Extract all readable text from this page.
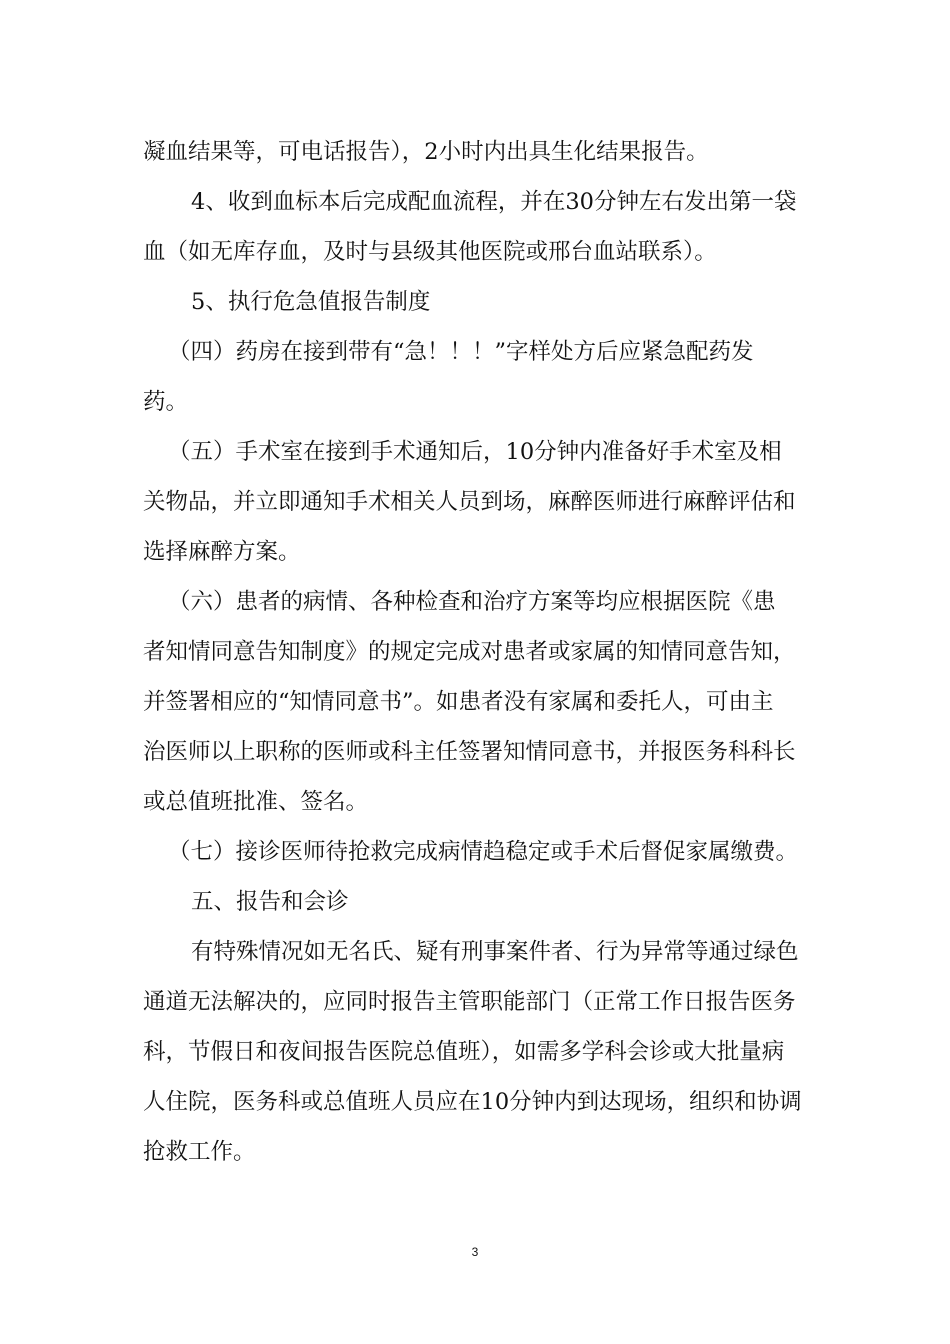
凝血结果等，可电话报告），2小时内出具生化结果报告。
4、收到血标本后完成配血流程，并在30分钟左右发出第一袋
血（如无库存血，及时与县级其他医院或邢台血站联系）。
5、执行危急值报告制度
（四）药房在接到带有“急！！！”字样处方后应紧急配药发
药。
（五）手术室在接到手术通知后，10分钟内准备好手术室及相
关物品，并立即通知手术相关人员到场，麻醉医师进行麻醉评估和
选择麻醉方案。
（六）患者的病情、各种检查和治疗方案等均应根据医院《患
者知情同意告知制度》的规定完成对患者或家属的知情同意告知，
并签署相应的“知情同意书”。如患者没有家属和委托人，可由主
治医师以上职称的医师或科主任签署知情同意书，并报医务科科长
或总值班批准、签名。
（七）接诊医师待抢救完成病情趋稳定或手术后督促家属缴费。
五、报告和会诊
有特殊情况如无名氏、疑有刑事案件者、行为异常等通过绿色
通道无法解决的，应同时报告主管职能部门（正常工作日报告医务
科，节假日和夜间报告医院总值班），如需多学科会诊或大批量病
人住院，医务科或总值班人员应在10分钟内到达现场，组织和协调
抢救工作。
3
